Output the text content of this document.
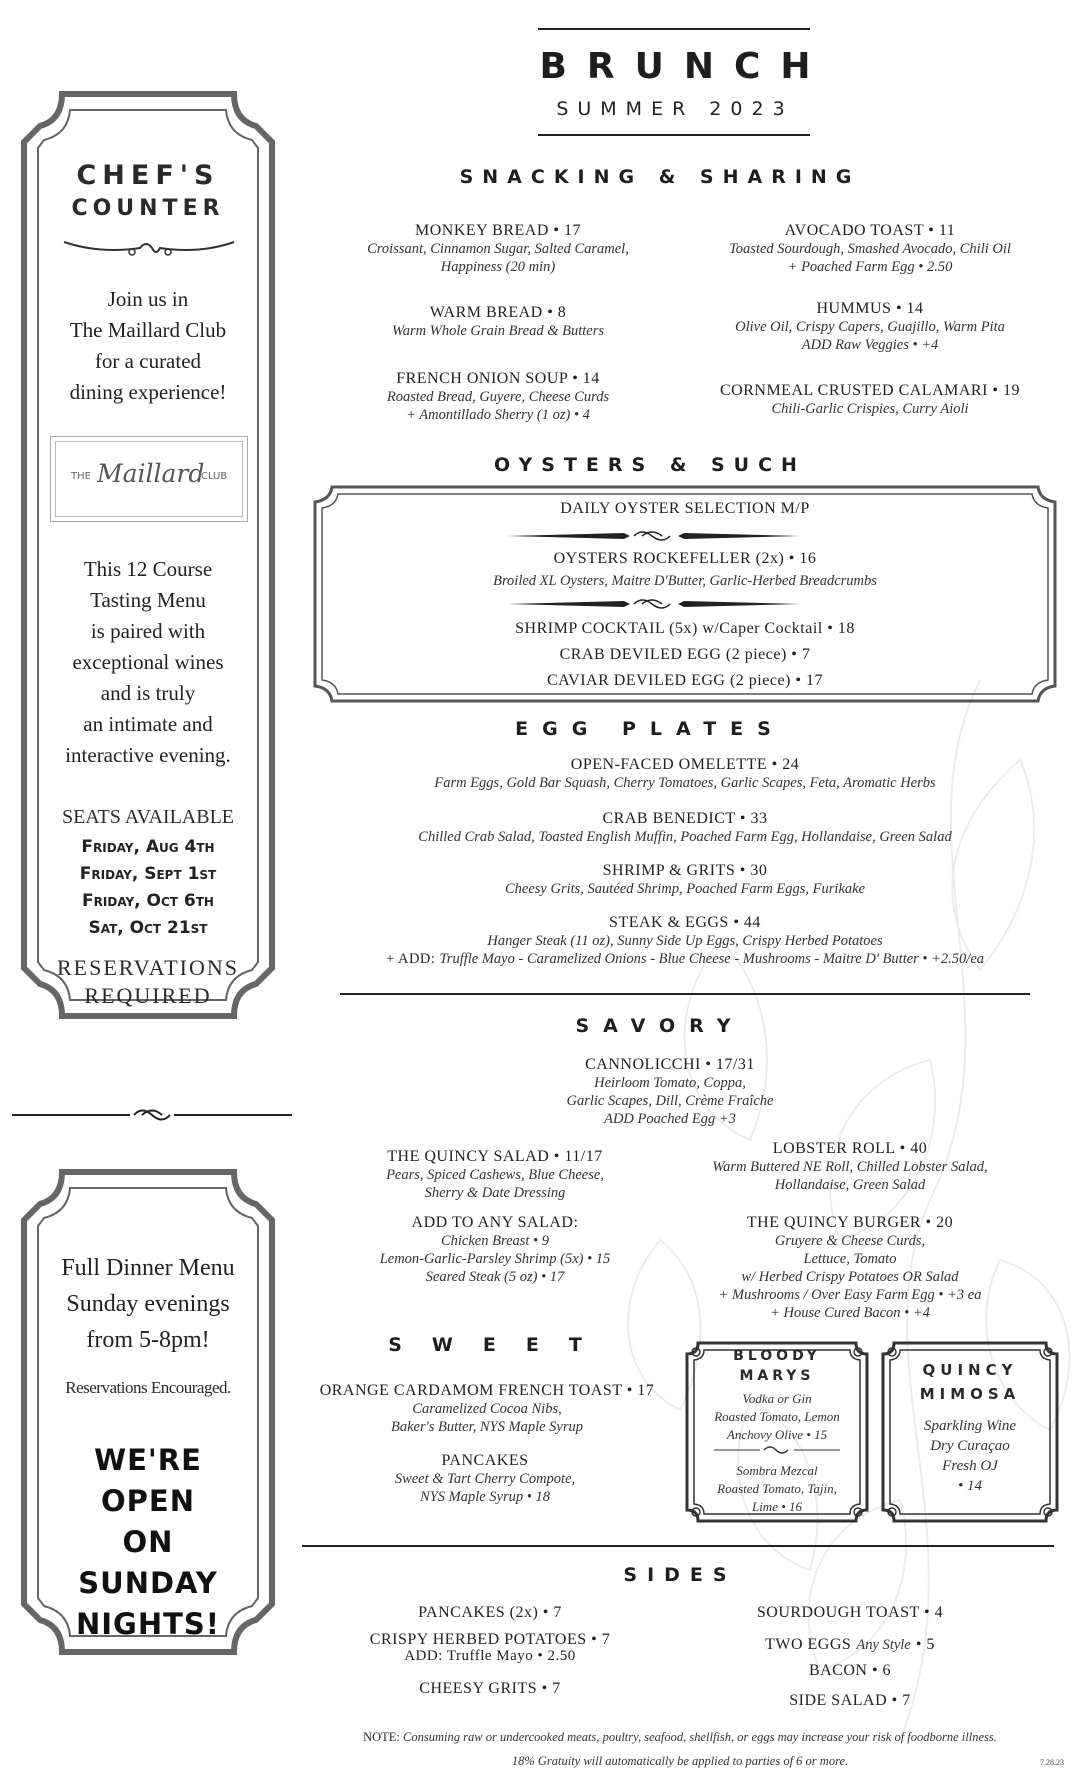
BRUNCH
SUMMER 2023
CHEF'S
COUNTER
Join us in
The Maillard Club
for a curated
dining experience!
THE Maillard
CLUB
This 12 Course
Tasting Menu
is paired with
exceptional wines
and is truly
an intimate and
interactive evening.
SEATS AVAILABLE
Friday, Aug 4th
Friday, Sept 1st
Friday, Oct 6th
Sat, Oct 21st
RESERVATIONS
REQUIRED
Full Dinner Menu
Sunday evenings
from 5-8pm!
Reservations Encouraged.
WE'RE
OPEN
ON
SUNDAY
NIGHTS!
SNACKING & SHARING
MONKEY BREAD • 17
Croissant, Cinnamon Sugar, Salted Caramel,
Happiness (20 min)
AVOCADO TOAST • 11
Toasted Sourdough, Smashed Avocado, Chili Oil
+ Poached Farm Egg • 2.50
WARM BREAD • 8
Warm Whole Grain Bread & Butters
HUMMUS • 14
Olive Oil, Crispy Capers, Guajillo, Warm Pita
ADD Raw Veggies • +4
FRENCH ONION SOUP • 14
Roasted Bread, Guyere, Cheese Curds
+ Amontillado Sherry (1 oz) • 4
CORNMEAL CRUSTED CALAMARI • 19
Chili-Garlic Crispies, Curry Aioli
OYSTERS & SUCH
DAILY OYSTER SELECTION M/P
OYSTERS ROCKEFELLER (2x) • 16
Broiled XL Oysters, Maitre D'Butter, Garlic-Herbed Breadcrumbs
SHRIMP COCKTAIL (5x) w/Caper Cocktail • 18
CRAB DEVILED EGG (2 piece) • 7
CAVIAR DEVILED EGG (2 piece) • 17
EGG PLATES
OPEN-FACED OMELETTE • 24
Farm Eggs, Gold Bar Squash, Cherry Tomatoes, Garlic Scapes, Feta, Aromatic Herbs
CRAB BENEDICT • 33
Chilled Crab Salad, Toasted English Muffin, Poached Farm Egg, Hollandaise, Green Salad
SHRIMP & GRITS • 30
Cheesy Grits, Sautéed Shrimp, Poached Farm Eggs, Furikake
STEAK & EGGS • 44
Hanger Steak (11 oz), Sunny Side Up Eggs, Crispy Herbed Potatoes
+ ADD: Truffle Mayo - Caramelized Onions - Blue Cheese - Mushrooms - Maitre D' Butter • +2.50/ea
SAVORY
CANNOLICCHI • 17/31
Heirloom Tomato, Coppa,
Garlic Scapes, Dill, Crème Fraîche
ADD Poached Egg +3
THE QUINCY SALAD • 11/17
Pears, Spiced Cashews, Blue Cheese,
Sherry & Date Dressing
LOBSTER ROLL • 40
Warm Buttered NE Roll, Chilled Lobster Salad,
Hollandaise, Green Salad
ADD TO ANY SALAD:
Chicken Breast • 9
Lemon-Garlic-Parsley Shrimp (5x) • 15
Seared Steak (5 oz) • 17
THE QUINCY BURGER • 20
Gruyere & Cheese Curds,
Lettuce, Tomato
w/ Herbed Crispy Potatoes OR Salad
+ Mushrooms / Over Easy Farm Egg • +3 ea
+ House Cured Bacon • +4
SWEET
ORANGE CARDAMOM FRENCH TOAST • 17
Caramelized Cocoa Nibs,
Baker's Butter, NYS Maple Syrup
PANCAKES
Sweet & Tart Cherry Compote,
NYS Maple Syrup • 18
BLOODY
MARYS
Vodka or Gin
Roasted Tomato, Lemon
Anchovy Olive • 15
Sombra Mezcal
Roasted Tomato, Tajin,
Lime • 16
QUINCY
MIMOSA
Sparkling Wine
Dry Curaçao
Fresh OJ
• 14
SIDES
PANCAKES (2x) • 7
CRISPY HERBED POTATOES • 7
ADD: Truffle Mayo • 2.50
CHEESY GRITS • 7
SOURDOUGH TOAST • 4
TWO EGGS Any Style • 5
BACON • 6
SIDE SALAD • 7
NOTE: Consuming raw or undercooked meats, poultry, seafood, shellfish, or eggs may increase your risk of foodborne illness.
18% Gratuity will automatically be applied to parties of 6 or more.	7.28.23
